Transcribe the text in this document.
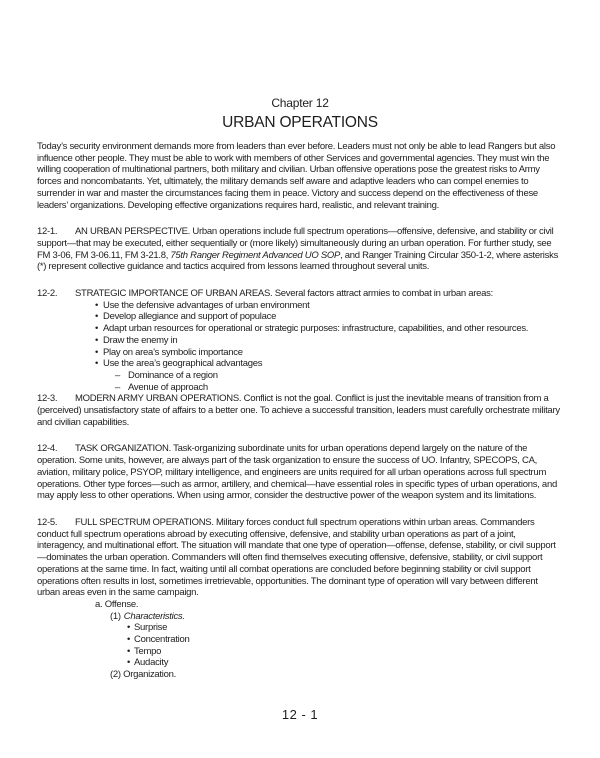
Chapter 12
URBAN OPERATIONS

Today’s security environment demands more from leaders than ever before. Leaders must not only be able to lead Rangers but also influence other people. They must be able to work with members of other Services and governmental agencies. They must win the willing cooperation of multinational partners, both military and civilian. Urban offensive operations pose the greatest risks to Army forces and noncombatants. Yet, ultimately, the military demands self aware and adaptive leaders who can compel enemies to surrender in war and master the circumstances facing them in peace. Victory and success depend on the effectiveness of these leaders’ organizations. Developing effective organizations requires hard, realistic, and relevant training.

12-1. AN URBAN PERSPECTIVE. Urban operations include full spectrum operations—offensive, defensive, and stability or civil support—that may be executed, either sequentially or (more likely) simultaneously during an urban operation. For further study, see FM 3-06, FM 3-06.11, FM 3-21.8, 75th Ranger Regiment Advanced UO SOP, and Ranger Training Circular 350-1-2, where asterisks (*) represent collective guidance and tactics acquired from lessons learned throughout several units.

12-2. STRATEGIC IMPORTANCE OF URBAN AREAS. Several factors attract armies to combat in urban areas:

• Use the defensive advantages of urban environment
• Develop allegiance and support of populace
• Adapt urban resources for operational or strategic purposes: infrastructure, capabilities, and other resources.
• Draw the enemy in
• Play on area’s symbolic importance
• Use the area’s geographical advantages
– Dominance of a region
– Avenue of approach

12-3. MODERN ARMY URBAN OPERATIONS. Conflict is not the goal. Conflict is just the inevitable means of transition from a (perceived) unsatisfactory state of affairs to a better one. To achieve a successful transition, leaders must carefully orchestrate military and civilian capabilities.

12-4. TASK ORGANIZATION. Task-organizing subordinate units for urban operations depend largely on the nature of the operation. Some units, however, are always part of the task organization to ensure the success of UO. Infantry, SPECOPS, CA, aviation, military police, PSYOP, military intelligence, and engineers are units required for all urban operations across full spectrum operations. Other type forces—such as armor, artillery, and chemical—have essential roles in specific types of urban operations, and may apply less to other operations. When using armor, consider the destructive power of the weapon system and its limitations.

12-5. FULL SPECTRUM OPERATIONS. Military forces conduct full spectrum operations within urban areas. Commanders conduct full spectrum operations abroad by executing offensive, defensive, and stability urban operations as part of a joint, interagency, and multinational effort. The situation will mandate that one type of operation—offense, defense, stability, or civil support—dominates the urban operation. Commanders will often find themselves executing offensive, defensive, stability, or civil support operations at the same time. In fact, waiting until all combat operations are concluded before beginning stability or civil support operations often results in lost, sometimes irretrievable, opportunities. The dominant type of operation will vary between different urban areas even in the same campaign.

a. Offense.
(1) Characteristics.
• Surprise
• Concentration
• Tempo
• Audacity
(2) Organization.
12 - 1
